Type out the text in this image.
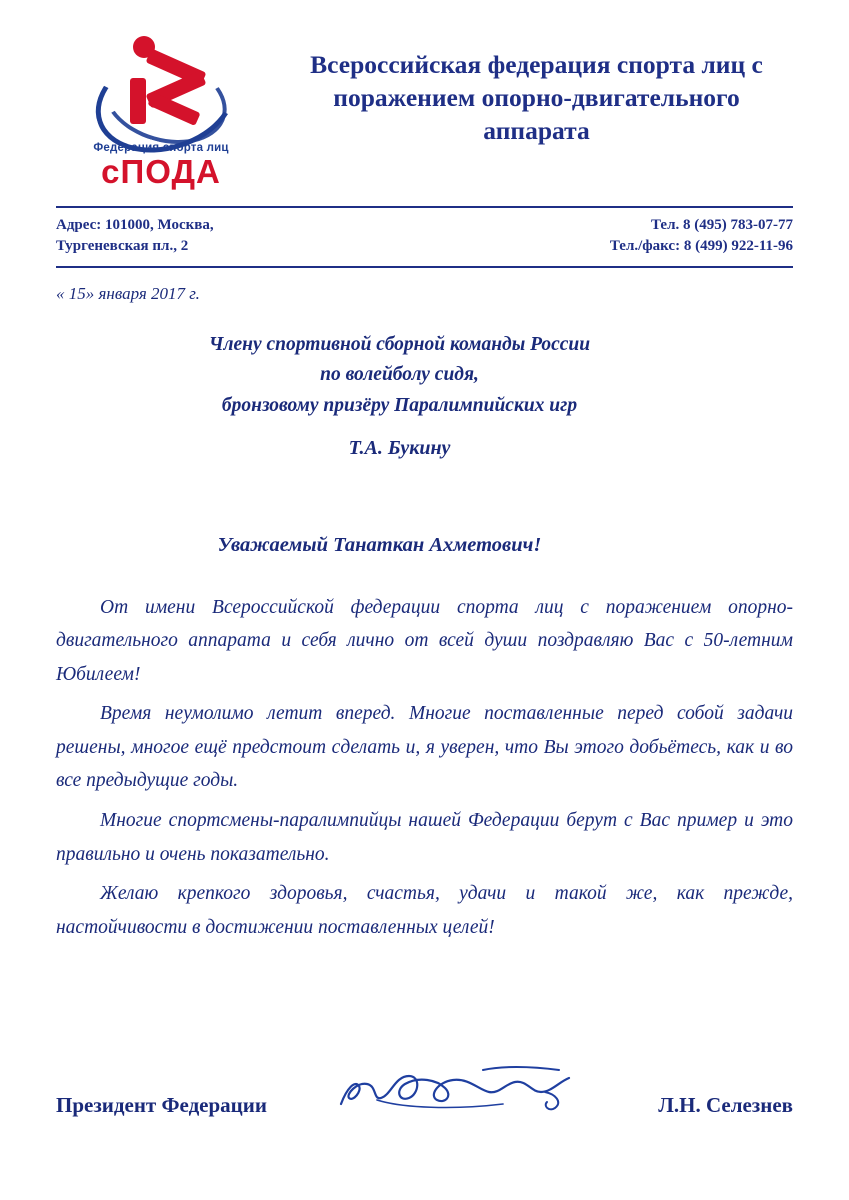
Федерация спорта лиц
сПОДА
Всероссийская федерация спорта лиц с поражением опорно-двигательного аппарата
Адрес: 101000, Москва,
Тургеневская пл., 2
Тел. 8 (495) 783-07-77
Тел./факс: 8 (499) 922-11-96
« 15» января 2017 г.
Члену спортивной сборной команды России
по волейболу сидя,
бронзовому призёру Паралимпийских игр
Т.А. Букину
Уважаемый Танаткан Ахметович!

От имени Всероссийской федерации спорта лиц с поражением опорно-двигательного аппарата и себя лично от всей души поздравляю Вас с 50-летним Юбилеем!

Время неумолимо летит вперед. Многие поставленные перед собой задачи решены, многое ещё предстоит сделать и, я уверен, что Вы этого добьётесь, как и во все предыдущие годы.

Многие спортсмены-паралимпийцы нашей Федерации берут с Вас пример и это правильно и очень показательно.

Желаю крепкого здоровья, счастья, удачи и такой же, как прежде, настойчивости в достижении поставленных целей!

Президент Федерации	Л.Н. Селезнев
